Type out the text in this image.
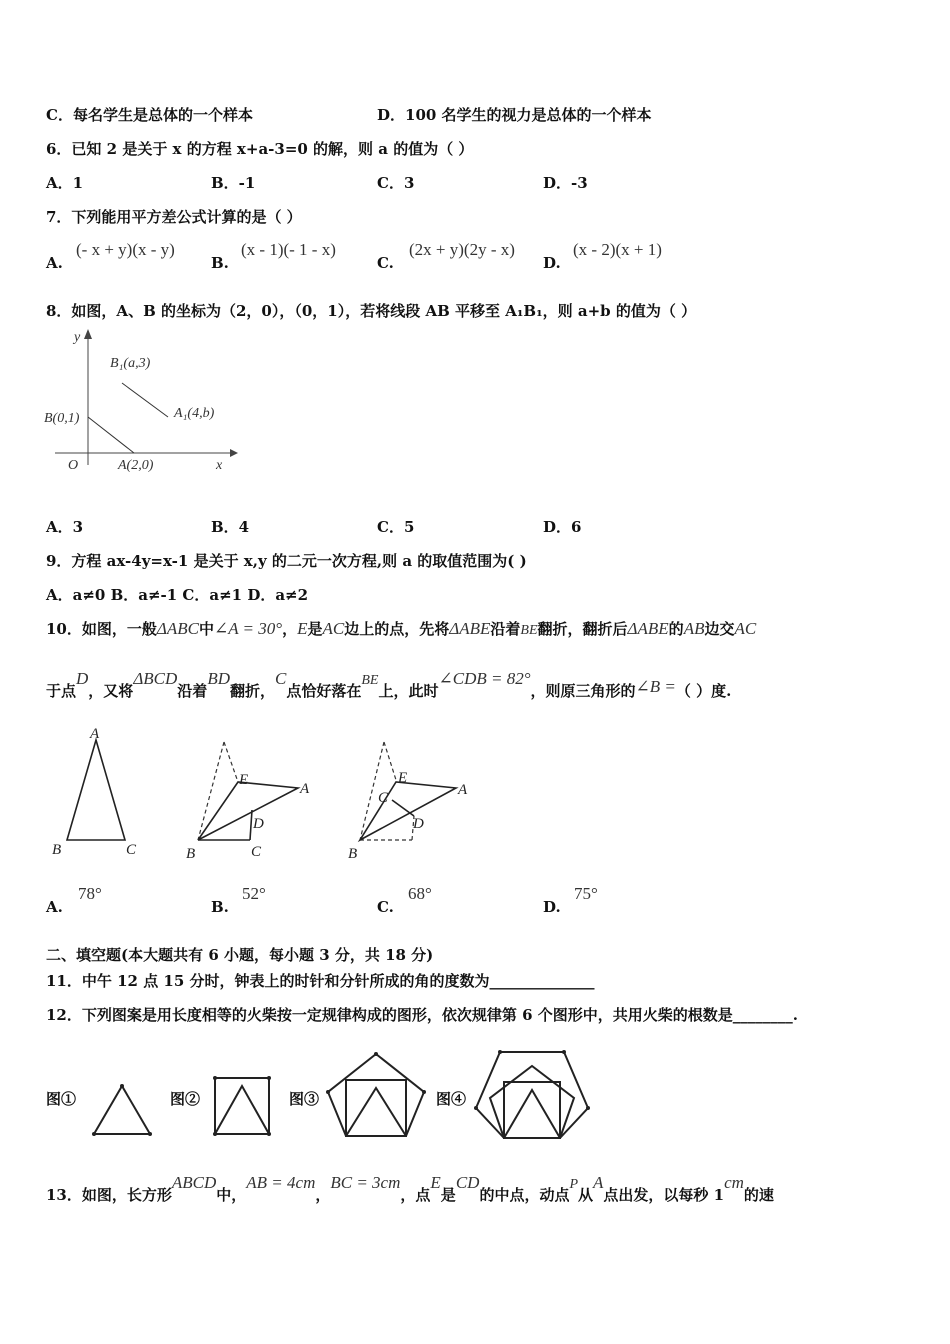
C．每名学生是总体的一个样本	D．100 名学生的视力是总体的一个样本
6．已知 2 是关于 x 的方程 x+a-3=0 的解，则 a 的值为（ ）
A．1	B．-1	C．3	D．-3
7．下列能用平方差公式计算的是（ ）
A.
(- x + y)(x - y)
B.
(x - 1)(- 1 - x)
C.
(2x + y)(2y - x)
D.
(x - 2)(x + 1)
8．如图，A、B 的坐标为（2，0），（0，1），若将线段 AB 平移至 A₁B₁，则 a+b 的值为（ ）
y
x
O
B₁(a,3)
A₁(4,b)
B(0,1)
A(2,0)
A．3	B．4	C．5	D．6
9．方程 ax-4y=x-1 是关于 x,y 的二元一次方程,则 a 的取值范围为( )
A．a≠0 B．a≠-1 C．a≠1 D．a≠2
10．如图，一般ΔABC中∠A = 30°，E是AC边上的点，先将ΔABE沿着BE翻折，翻折后ΔABE的AB边交AC
于点D，又将ΔBCD沿着BD翻折，C点恰好落在BE上，此时∠CDB = 82°，则原三角形的∠B =（ ）度.
A
B	C
E
A
D
B	C
E
C	A
D
B
A.
78°
B.
52°
C.
68°
D.
75°
二、填空题(本大题共有 6 小题，每小题 3 分，共 18 分)
11．中午 12 点 15 分时，钟表上的时针和分针所成的角的度数为______________
12．下列图案是用长度相等的火柴按一定规律构成的图形，依次规律第 6 个图形中，共用火柴的根数是________.
图①	图②	图③	图④
13．如图，长方形ABCD中，AB = 4cm，BC = 3cm，点E是CD的中点，动点P从A点出发，以每秒 1cm的速
